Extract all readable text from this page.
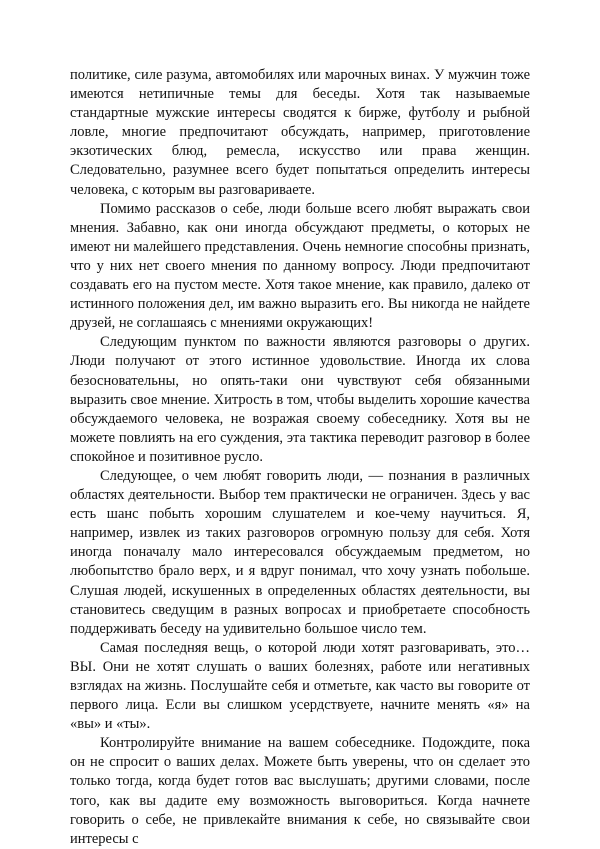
политике, силе разума, автомобилях или марочных винах. У мужчин тоже имеются нетипичные темы для беседы. Хотя так называемые стандартные мужские интересы сводятся к бирже, футболу и рыбной ловле, многие предпочитают обсуждать, например, приготовление экзотических блюд, ремесла, искусство или права женщин. Следовательно, разумнее всего будет попытаться определить интересы человека, с которым вы разговариваете.

Помимо рассказов о себе, люди больше всего любят выражать свои мнения. Забавно, как они иногда обсуждают предметы, о которых не имеют ни малейшего представления. Очень немногие способны признать, что у них нет своего мнения по данному вопросу. Люди предпочитают создавать его на пустом месте. Хотя такое мнение, как правило, далеко от истинного положения дел, им важно выразить его. Вы никогда не найдете друзей, не соглашаясь с мнениями окружающих!

Следующим пунктом по важности являются разговоры о других. Люди получают от этого истинное удовольствие. Иногда их слова безосновательны, но опять-таки они чувствуют себя обязанными выразить свое мнение. Хитрость в том, чтобы выделить хорошие качества обсуждаемого человека, не возражая своему собеседнику. Хотя вы не можете повлиять на его суждения, эта тактика переводит разговор в более спокойное и позитивное русло.

Следующее, о чем любят говорить люди, — познания в различных областях деятельности. Выбор тем практически не ограничен. Здесь у вас есть шанс побыть хорошим слушателем и кое-чему научиться. Я, например, извлек из таких разговоров огромную пользу для себя. Хотя иногда поначалу мало интересовался обсуждаемым предметом, но любопытство брало верх, и я вдруг понимал, что хочу узнать побольше. Слушая людей, искушенных в определенных областях деятельности, вы становитесь сведущим в разных вопросах и приобретаете способность поддерживать беседу на удивительно большое число тем.

Самая последняя вещь, о которой люди хотят разговаривать, это… ВЫ. Они не хотят слушать о ваших болезнях, работе или негативных взглядах на жизнь. Послушайте себя и отметьте, как часто вы говорите от первого лица. Если вы слишком усердствуете, начните менять «я» на «вы» и «ты».

Контролируйте внимание на вашем собеседнике. Подождите, пока он не спросит о ваших делах. Можете быть уверены, что он сделает это только тогда, когда будет готов вас выслушать; другими словами, после того, как вы дадите ему возможность выговориться. Когда начнете говорить о себе, не привлекайте внимания к себе, но связывайте свои интересы с
